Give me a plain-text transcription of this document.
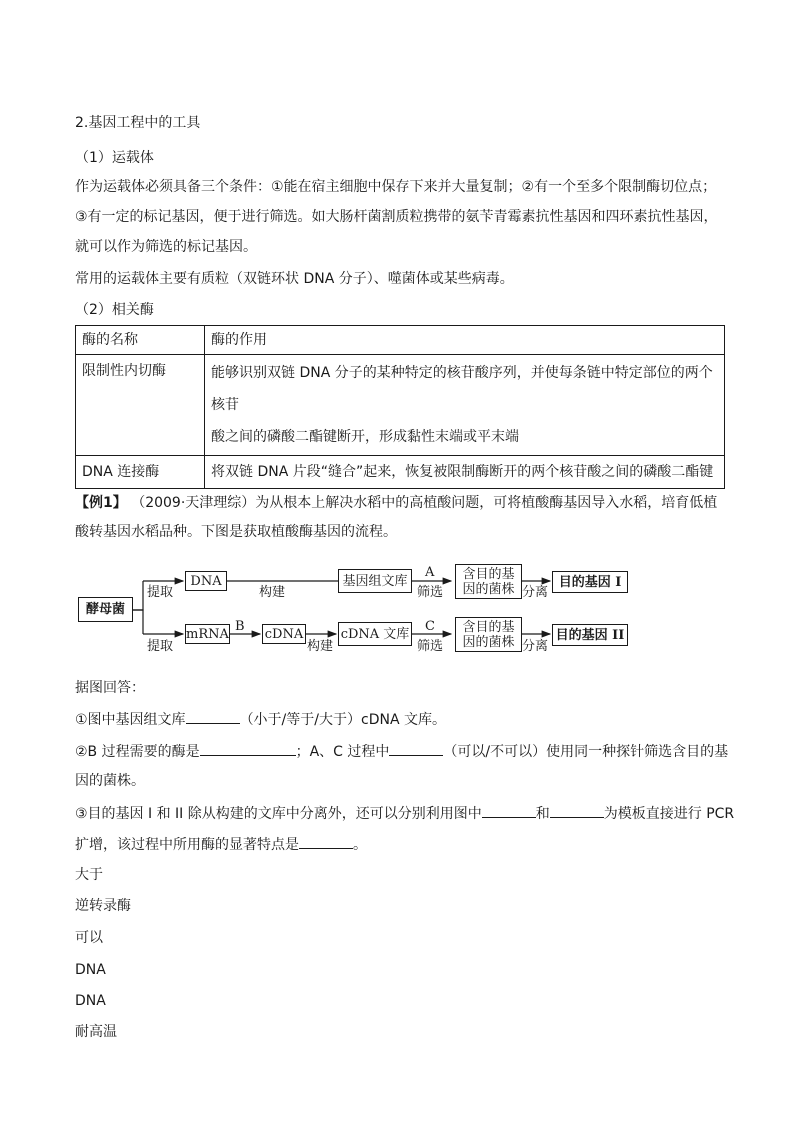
2.基因工程中的工具
（1）运载体
作为运载体必须具备三个条件：①能在宿主细胞中保存下来并大量复制；②有一个至多个限制酶切位点；
③有一定的标记基因，便于进行筛选。如大肠杆菌割质粒携带的氨苄青霉素抗性基因和四环素抗性基因，
就可以作为筛选的标记基因。
常用的运载体主要有质粒（双链环状 DNA 分子）、噬菌体或某些病毒。
（2）相关酶
酶的名称	酶的作用
限制性内切酶	能够识别双链 DNA 分子的某种特定的核苷酸序列，并使每条链中特定部位的两个核苷
酸之间的磷酸二酯键断开，形成黏性末端或平末端

DNA 连接酶	将双链 DNA 片段“缝合”起来，恢复被限制酶断开的两个核苷酸之间的磷酸二酯键
【例1】 （2009·天津理综）为从根本上解决水稻中的高植酸问题，可将植酸酶基因导入水稻，培育低植
酸转基因水稻品种。下图是获取植酸酶基因的流程。
酵母菌
提取
提取
DNA
构建
基因组文库
A
筛选
含目的基因的菌株 分离
目的基因 I
mRNA B cDNA
构建
cDNA 文库 C
筛选
含目的基因的菌株 分离
目的基因 II
据图回答：
①图中基因组文库	（小于/等于/大于）cDNA 文库。
②B 过程需要的酶是	；A、C 过程中	（可以/不可以）使用同一种探针筛选含目的基
因的菌株。
③目的基因 I 和 II 除从构建的文库中分离外，还可以分别利用图中	和	为模板直接进行 PCR
扩增，该过程中所用酶的显著特点是	。
大于
逆转录酶
可以
DNA
DNA
耐高温
